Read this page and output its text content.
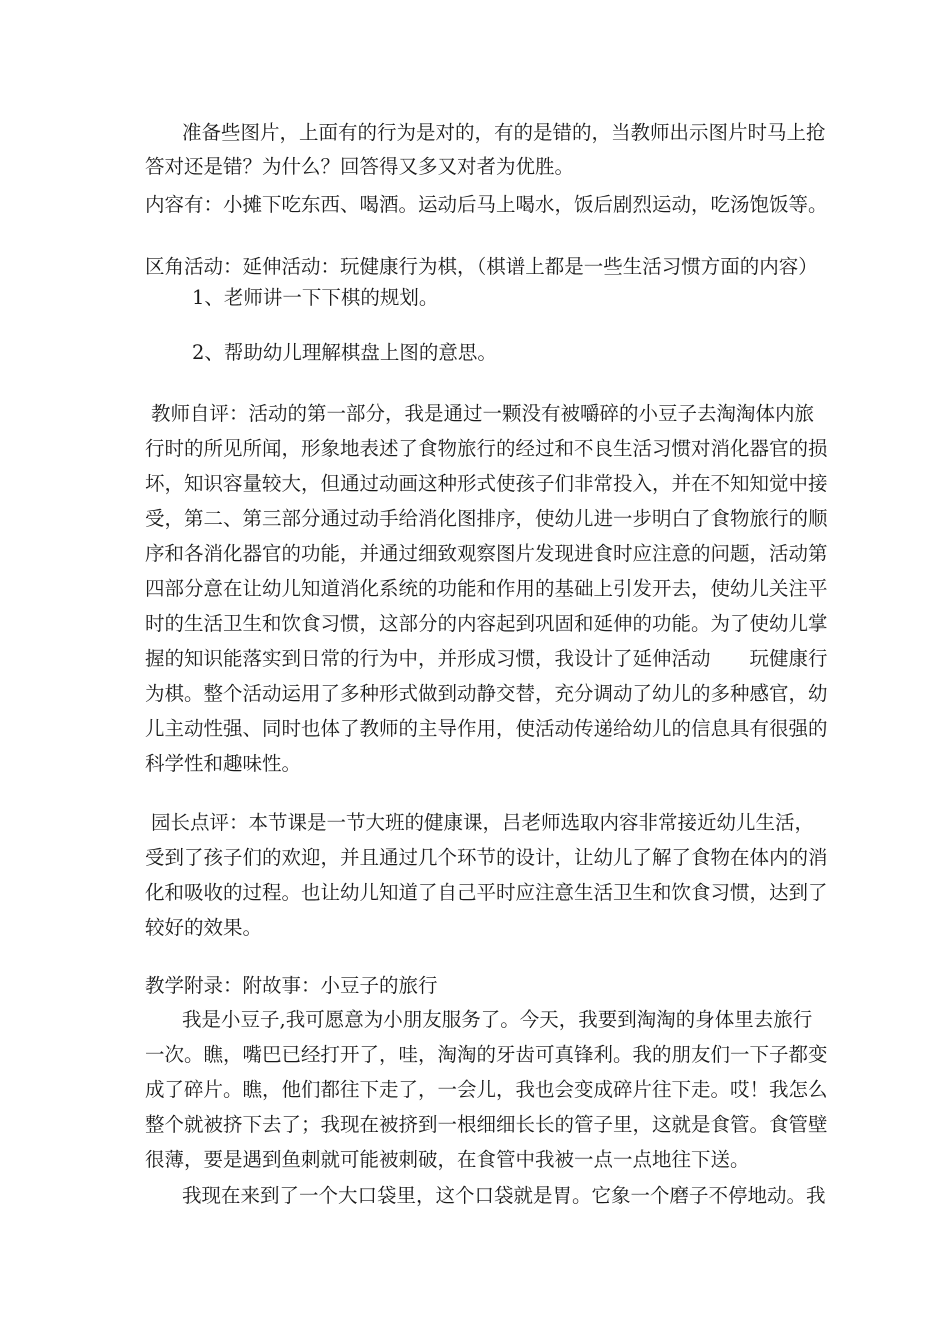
准备些图片，上面有的行为是对的，有的是错的，当教师出示图片时马上抢
答对还是错？为什么？回答得又多又对者为优胜。
内容有：小摊下吃东西、喝酒。运动后马上喝水，饭后剧烈运动，吃汤饱饭等。
区角活动：延伸活动：玩健康行为棋，（棋谱上都是一些生活习惯方面的内容）
1、老师讲一下下棋的规划。
2、帮助幼儿理解棋盘上图的意思。
教师自评：活动的第一部分，我是通过一颗没有被嚼碎的小豆子去淘淘体内旅
行时的所见所闻，形象地表述了食物旅行的经过和不良生活习惯对消化器官的损
坏，知识容量较大，但通过动画这种形式使孩子们非常投入，并在不知知觉中接
受，第二、第三部分通过动手给消化图排序，使幼儿进一步明白了食物旅行的顺
序和各消化器官的功能，并通过细致观察图片发现进食时应注意的问题，活动第
四部分意在让幼儿知道消化系统的功能和作用的基础上引发开去，使幼儿关注平
时的生活卫生和饮食习惯，这部分的内容起到巩固和延伸的功能。为了使幼儿掌
握的知识能落实到日常的行为中，并形成习惯，我设计了延伸活动　　玩健康行
为棋。整个活动运用了多种形式做到动静交替，充分调动了幼儿的多种感官，幼
儿主动性强、同时也体了教师的主导作用，使活动传递给幼儿的信息具有很强的
科学性和趣味性。
园长点评：本节课是一节大班的健康课，吕老师选取内容非常接近幼儿生活，
受到了孩子们的欢迎，并且通过几个环节的设计，让幼儿了解了食物在体内的消
化和吸收的过程。也让幼儿知道了自己平时应注意生活卫生和饮食习惯，达到了
较好的效果。
教学附录：附故事：小豆子的旅行
我是小豆子,我可愿意为小朋友服务了。今天，我要到淘淘的身体里去旅行
一次。瞧，嘴巴已经打开了，哇，淘淘的牙齿可真锋利。我的朋友们一下子都变
成了碎片。瞧，他们都往下走了，一会儿，我也会变成碎片往下走。哎！我怎么
整个就被挤下去了；我现在被挤到一根细细长长的管子里，这就是食管。食管壁
很薄，要是遇到鱼刺就可能被刺破，在食管中我被一点一点地往下送。
我现在来到了一个大口袋里，这个口袋就是胃。它象一个磨子不停地动。我
